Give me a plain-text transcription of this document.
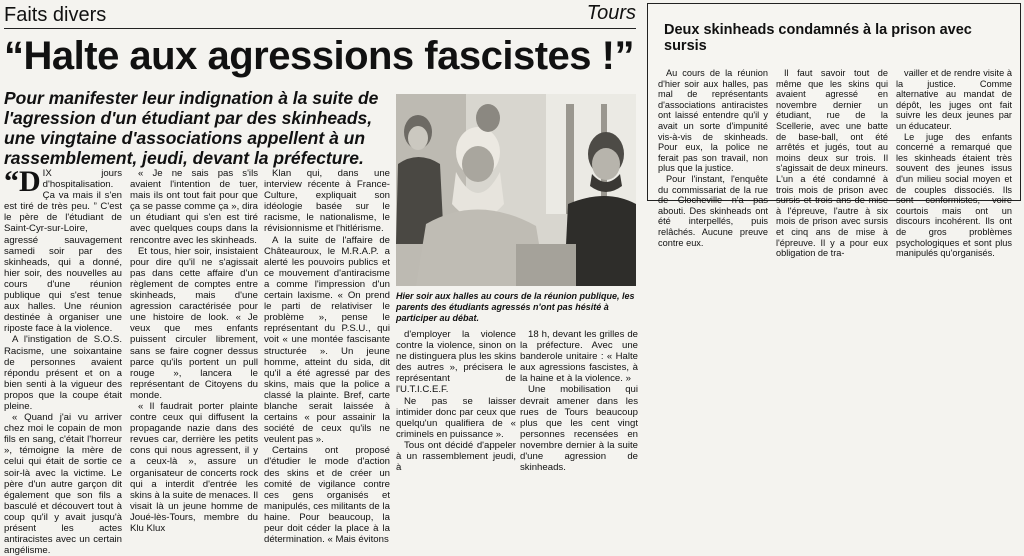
Faits divers	Tours
“Halte aux agressions fascistes !”
Pour manifester leur indignation à la suite de l'agression d'un étudiant par des skinheads, une vingtaine d'associations appellent à un rassemblement, jeudi, devant la préfecture.

“D IX jours d'hospitalisation. Ça va mais il s'en est tiré de très peu. ” C'est le père de l'étudiant de Saint-Cyr-sur-Loire, agressé sauvagement samedi soir par des skinheads, qui a donné, hier soir, des nouvelles au cours d'une réunion publique qui s'est tenue aux halles. Une réunion destinée à organiser une riposte face à la violence.

A l'instigation de S.O.S. Racisme, une soixantaine de personnes avaient répondu présent et on a bien senti à la vigueur des propos que la coupe était pleine.

« Quand j'ai vu arriver chez moi le copain de mon fils en sang, c'était l'horreur », témoigne la mère de celui qui était de sortie ce soir-là avec la victime. Le père d'un autre garçon dit également que son fils a basculé et découvert tout à coup qu'il y avait jusqu'à présent les actes antiracistes avec un certain angélisme.

« Je ne sais pas s'ils avaient l'intention de tuer, mais ils ont tout fait pour que ça se passe comme ça », dira un étudiant qui s'en est tiré avec quelques coups dans la rencontre avec les skinheads.

Et tous, hier soir, insistaient pour dire qu'il ne s'agissait pas dans cette affaire d'un règlement de comptes entre skinheads, mais d'une agression caractérisée pour une histoire de look. « Je veux que mes enfants puissent circuler librement, sans se faire cogner dessus parce qu'ils portent un pull rouge », lancera le représentant de Citoyens du monde.

« Il faudrait porter plainte contre ceux qui diffusent la propagande nazie dans des revues car, derrière les petits cons qui nous agressent, il y a ceux-là », assure un organisateur de concerts rock qui a interdit d'entrée les skins à la suite de menaces. Il visait là un jeune homme de Joué-lès-Tours, membre du Klu Klux

Klan qui, dans une interview récente à France-Culture, expliquait son idéologie basée sur le racisme, le nationalisme, le révisionnisme et l'hitlérisme.

A la suite de l'affaire de Châteauroux, le M.R.A.P. a alerté les pouvoirs publics et ce mouvement d'antiracisme a comme l'impression d'un certain laxisme. « On prend le parti de relativiser le problème », pense le représentant du P.S.U., qui voit « une montée fascisante structurée ». Un jeune homme, atteint du sida, dit qu'il a été agressé par des skins, mais que la police a classé la plainte. Bref, carte blanche serait laissée à certains « pour assainir la société de ceux qu'ils ne veulent pas ».

Certains ont proposé d'étudier le mode d'action des skins et de créer un comité de vigilance contre ces gens organisés et manipulés, ces militants de la haine. Pour beaucoup, la peur doit céder la place à la détermination. « Mais évitons

Hier soir aux halles au cours de la réunion publique, les parents des étudiants agressés n'ont pas hésité à participer au débat.

d'employer la violence contre la violence, sinon on ne distinguera plus les skins des autres », précisera le représentant de l'U.T.I.C.E.F.

Ne pas se laisser intimider donc par ceux que quelqu'un qualifiera de « criminels en puissance ».

Tous ont décidé d'appeler à un rassemblement jeudi, à

18 h, devant les grilles de la préfecture. Avec une banderole unitaire : « Halte aux agressions fascistes, à la haine et à la violence. »

Une mobilisation qui devrait amener dans les rues de Tours beaucoup plus que les cent vingt personnes recensées en novembre dernier à la suite d'une agression de skinheads.

Deux skinheads condamnés à la prison avec sursis

Au cours de la réunion d'hier soir aux halles, pas mal de représentants d'associations antiracistes ont laissé entendre qu'il y avait un sorte d'impunité vis-à-vis de skinheads. Pour eux, la police ne ferait pas son travail, non plus que la justice.

Pour l'instant, l'enquête du commissariat de la rue de Clocheville n'a pas abouti. Des skinheads ont été interpellés, puis relâchés. Aucune preuve contre eux.

Il faut savoir tout de même que les skins qui avaient agressé en novembre dernier un étudiant, rue de la Scellerie, avec une batte de base-ball, ont été arrêtés et jugés, tout au moins deux sur trois. Il s'agissait de deux mineurs. L'un a été condamné à trois mois de prison avec sursis et trois ans de mise à l'épreuve, l'autre à six mois de prison avec sursis et cinq ans de mise à l'épreuve. Il y a pour eux obligation de tra-

vailler et de rendre visite à la justice. Comme alternative au mandat de dépôt, les juges ont fait suivre les deux jeunes par un éducateur.

Le juge des enfants concerné a remarqué que les skinheads étaient très souvent des jeunes issus d'un milieu social moyen et de couples dissociés. Ils sont conformistes, voire courtois mais ont un discours incohérent. Ils ont de gros problèmes psychologiques et sont plus manipulés qu'organisés.
